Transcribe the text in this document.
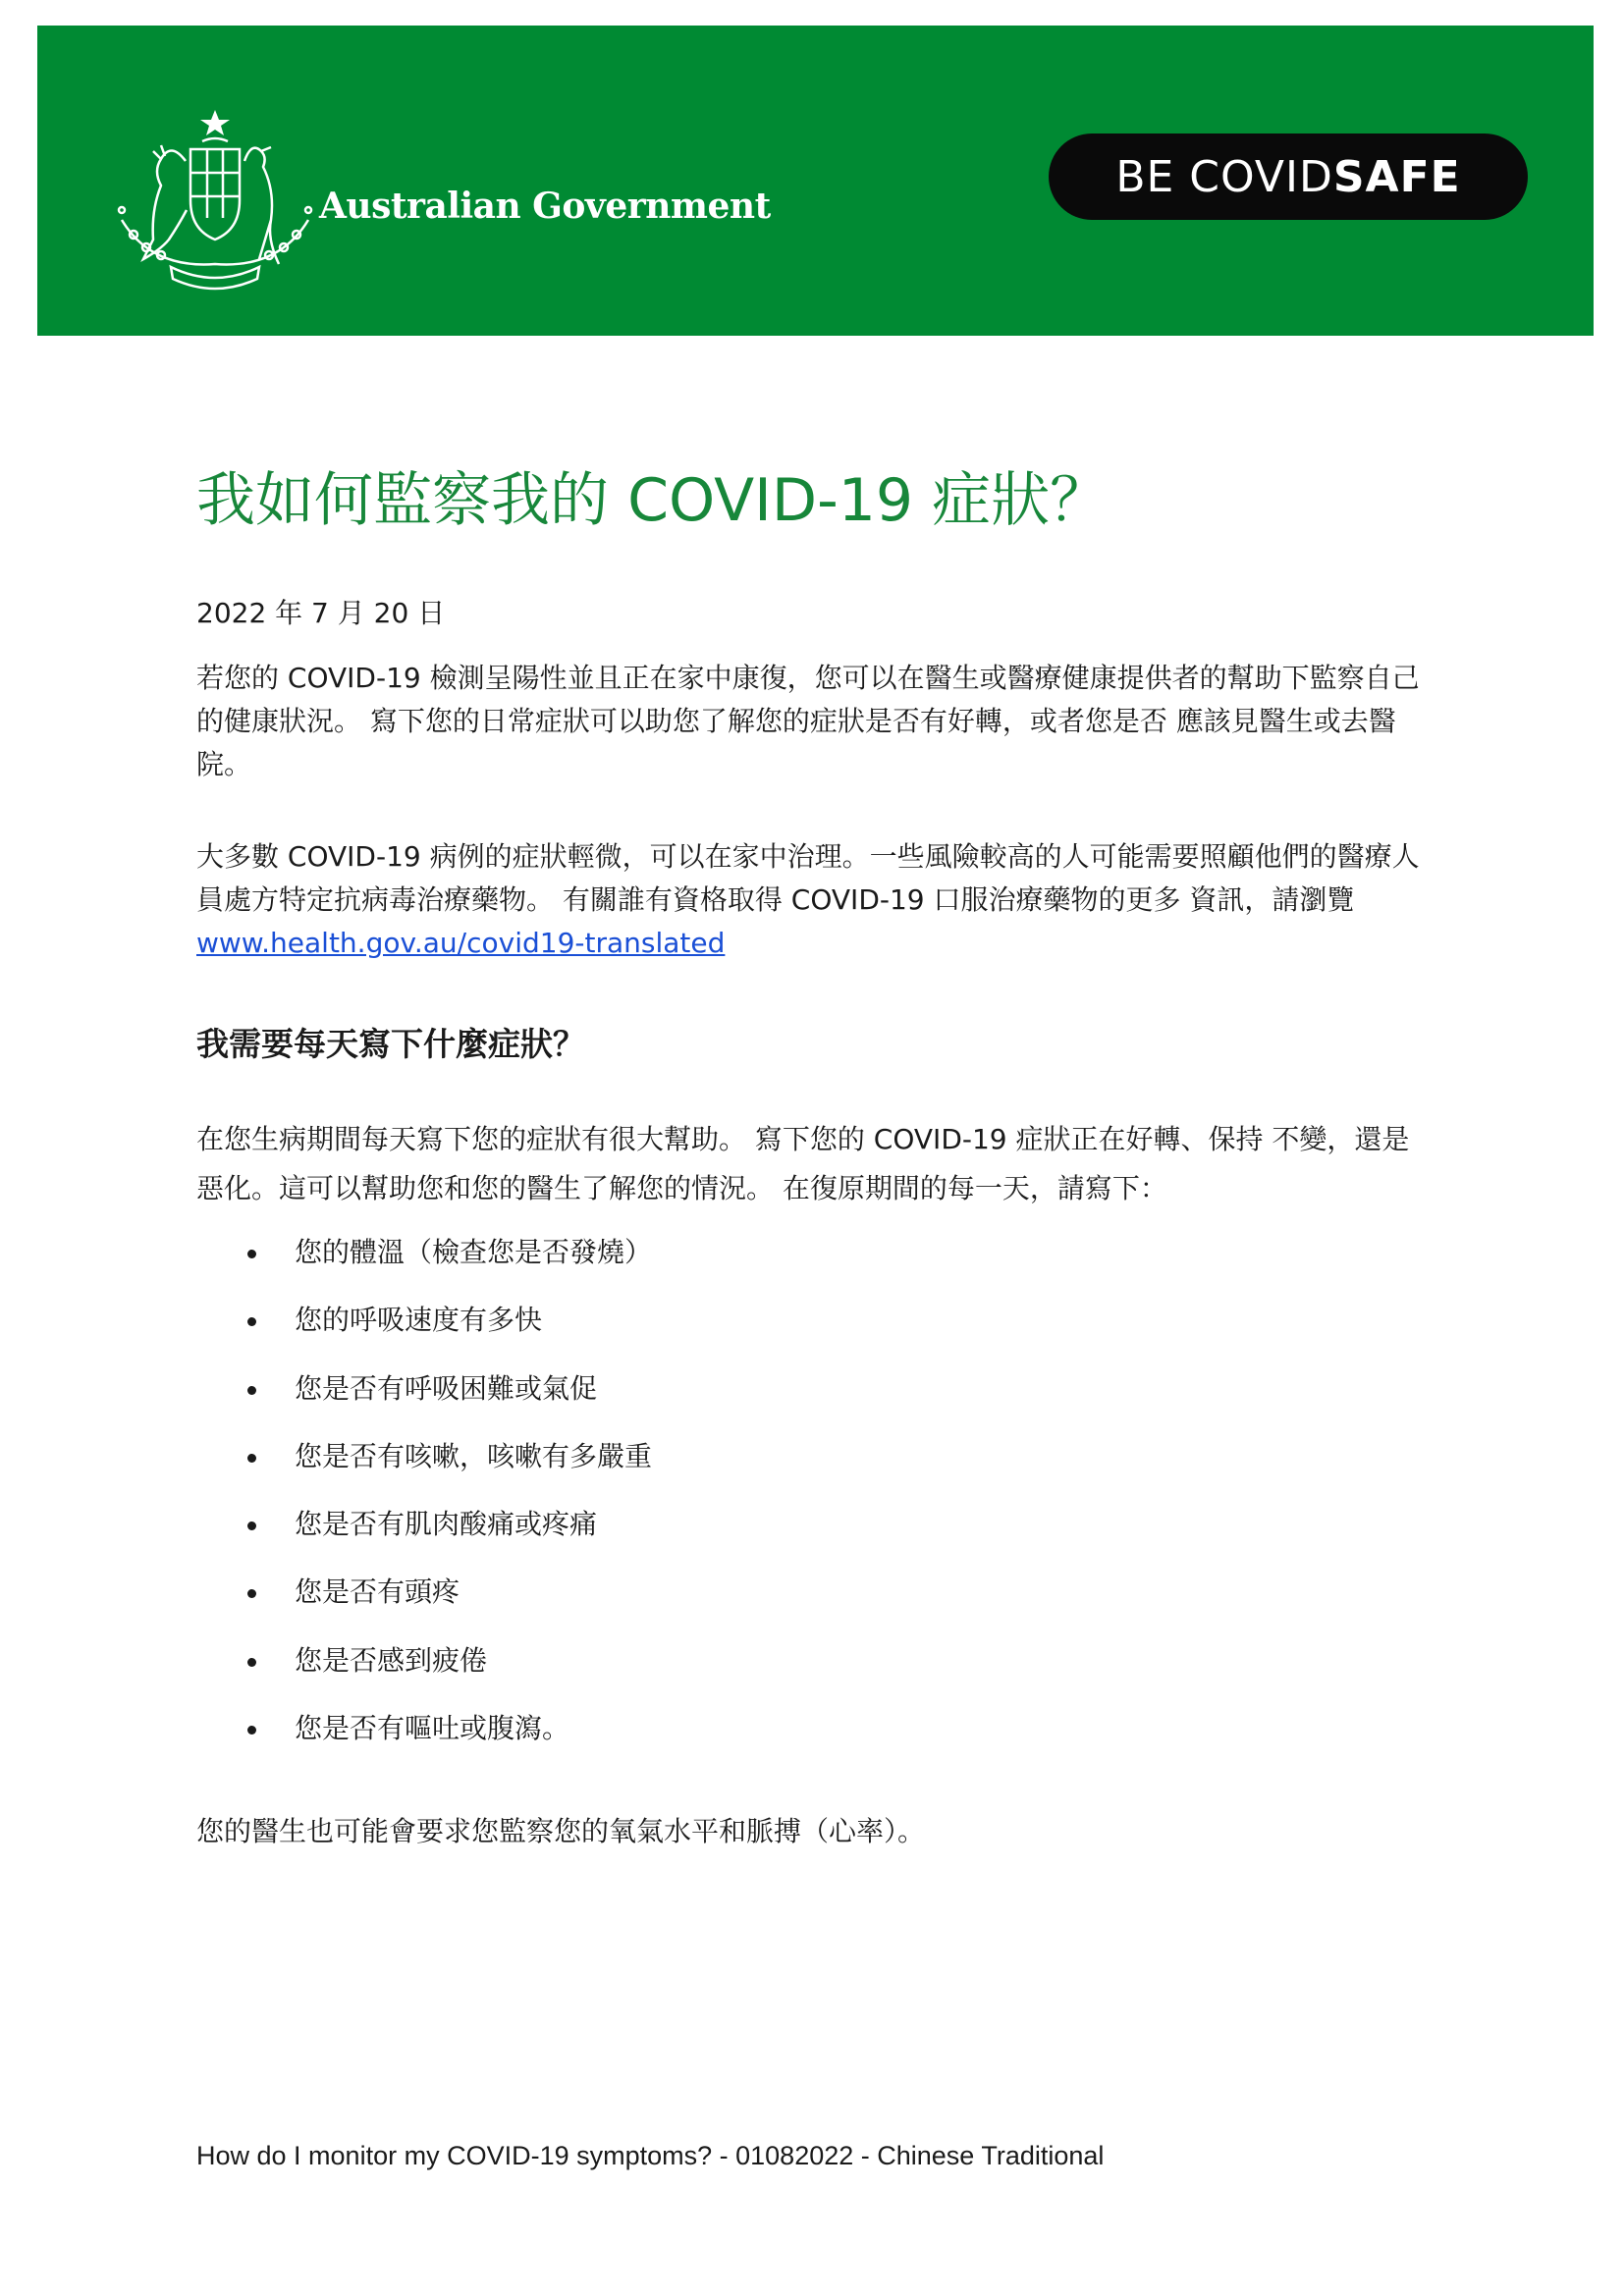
Australian Government
BE COVID SAFE
我如何監察我的 COVID-19 症狀？
2022 年 7 月 20 日

若您的 COVID-19 檢測呈陽性並且正在家中康復，您可以在醫生或醫療健康提供者的幫助下監察自己的健康狀況。 寫下您的日常症狀可以助您了解您的症狀是否有好轉，或者您是否 應該見醫生或去醫院。

大多數 COVID-19 病例的症狀輕微，可以在家中治理。一些風險較高的人可能需要照顧他們的醫療人員處方特定抗病毒治療藥物。 有關誰有資格取得 COVID-19 口服治療藥物的更多 資訊，請瀏覽 www.health.gov.au/covid19-translated

我需要每天寫下什麼症狀？

在您生病期間每天寫下您的症狀有很大幫助。 寫下您的 COVID-19 症狀正在好轉、保持 不變，還是惡化。這可以幫助您和您的醫生了解您的情況。 在復原期間的每一天，請寫下：

您的體溫（檢查您是否發燒）
您的呼吸速度有多快
您是否有呼吸困難或氣促
您是否有咳嗽，咳嗽有多嚴重
您是否有肌肉酸痛或疼痛
您是否有頭疼
您是否感到疲倦
您是否有嘔吐或腹瀉。

您的醫生也可能會要求您監察您的氧氣水平和脈搏（心率）。

How do I monitor my COVID-19 symptoms? - 01082022 - Chinese Traditional
